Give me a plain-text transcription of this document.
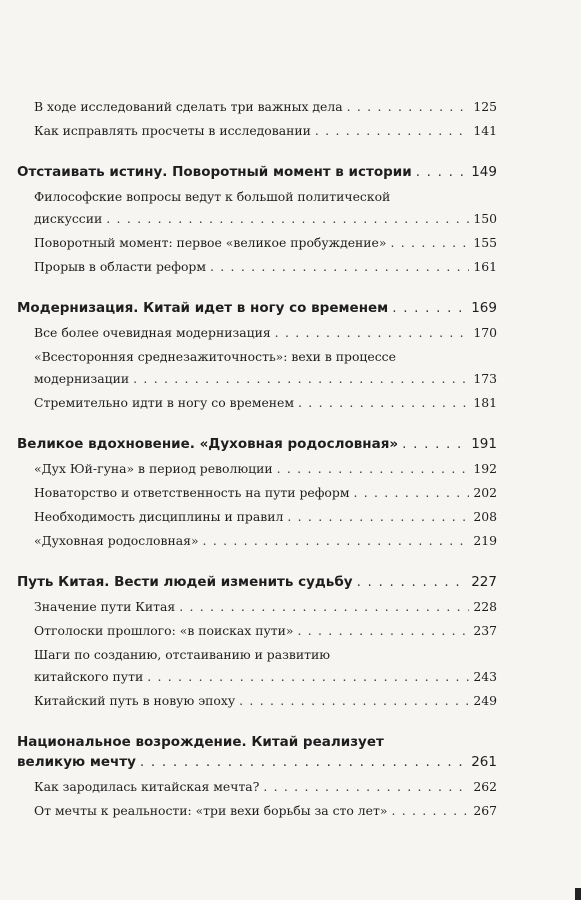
В ходе исследований сделать три важных дела . . .	125
Как исправлять просчеты в исследовании . . .	141
Отстаивать истину. Поворотный момент в истории . . .	149
Философские вопросы ведут к большой политической
дискуссии . . .	150
Поворотный момент: первое «великое пробуждение» . . .	155
Прорыв в области реформ . . .	161
Модернизация. Китай идет в ногу со временем . . .	169
Все более очевидная модернизация . . .	170
«Всесторонняя среднезажиточность»: вехи в процессе
модернизации . . .	173
Стремительно идти в ногу со временем . . .	181
Великое вдохновение. «Духовная родословная» . . .	191
«Дух Юй-гуна» в период революции . . .	192
Новаторство и ответственность на пути реформ . . .	202
Необходимость дисциплины и правил . . .	208
«Духовная родословная» . . .	219
Путь Китая. Вести людей изменить судьбу . . .	227
Значение пути Китая . . .	228
Отголоски прошлого: «в поисках пути» . . .	237
Шаги по созданию, отстаиванию и развитию
китайского пути . . .	243
Китайский путь в новую эпоху . . .	249
Национальное возрождение. Китай реализует
великую мечту . . .	261
Как зародилась китайская мечта? . . .	262
От мечты к реальности: «три вехи борьбы за сто лет» . . .	267
